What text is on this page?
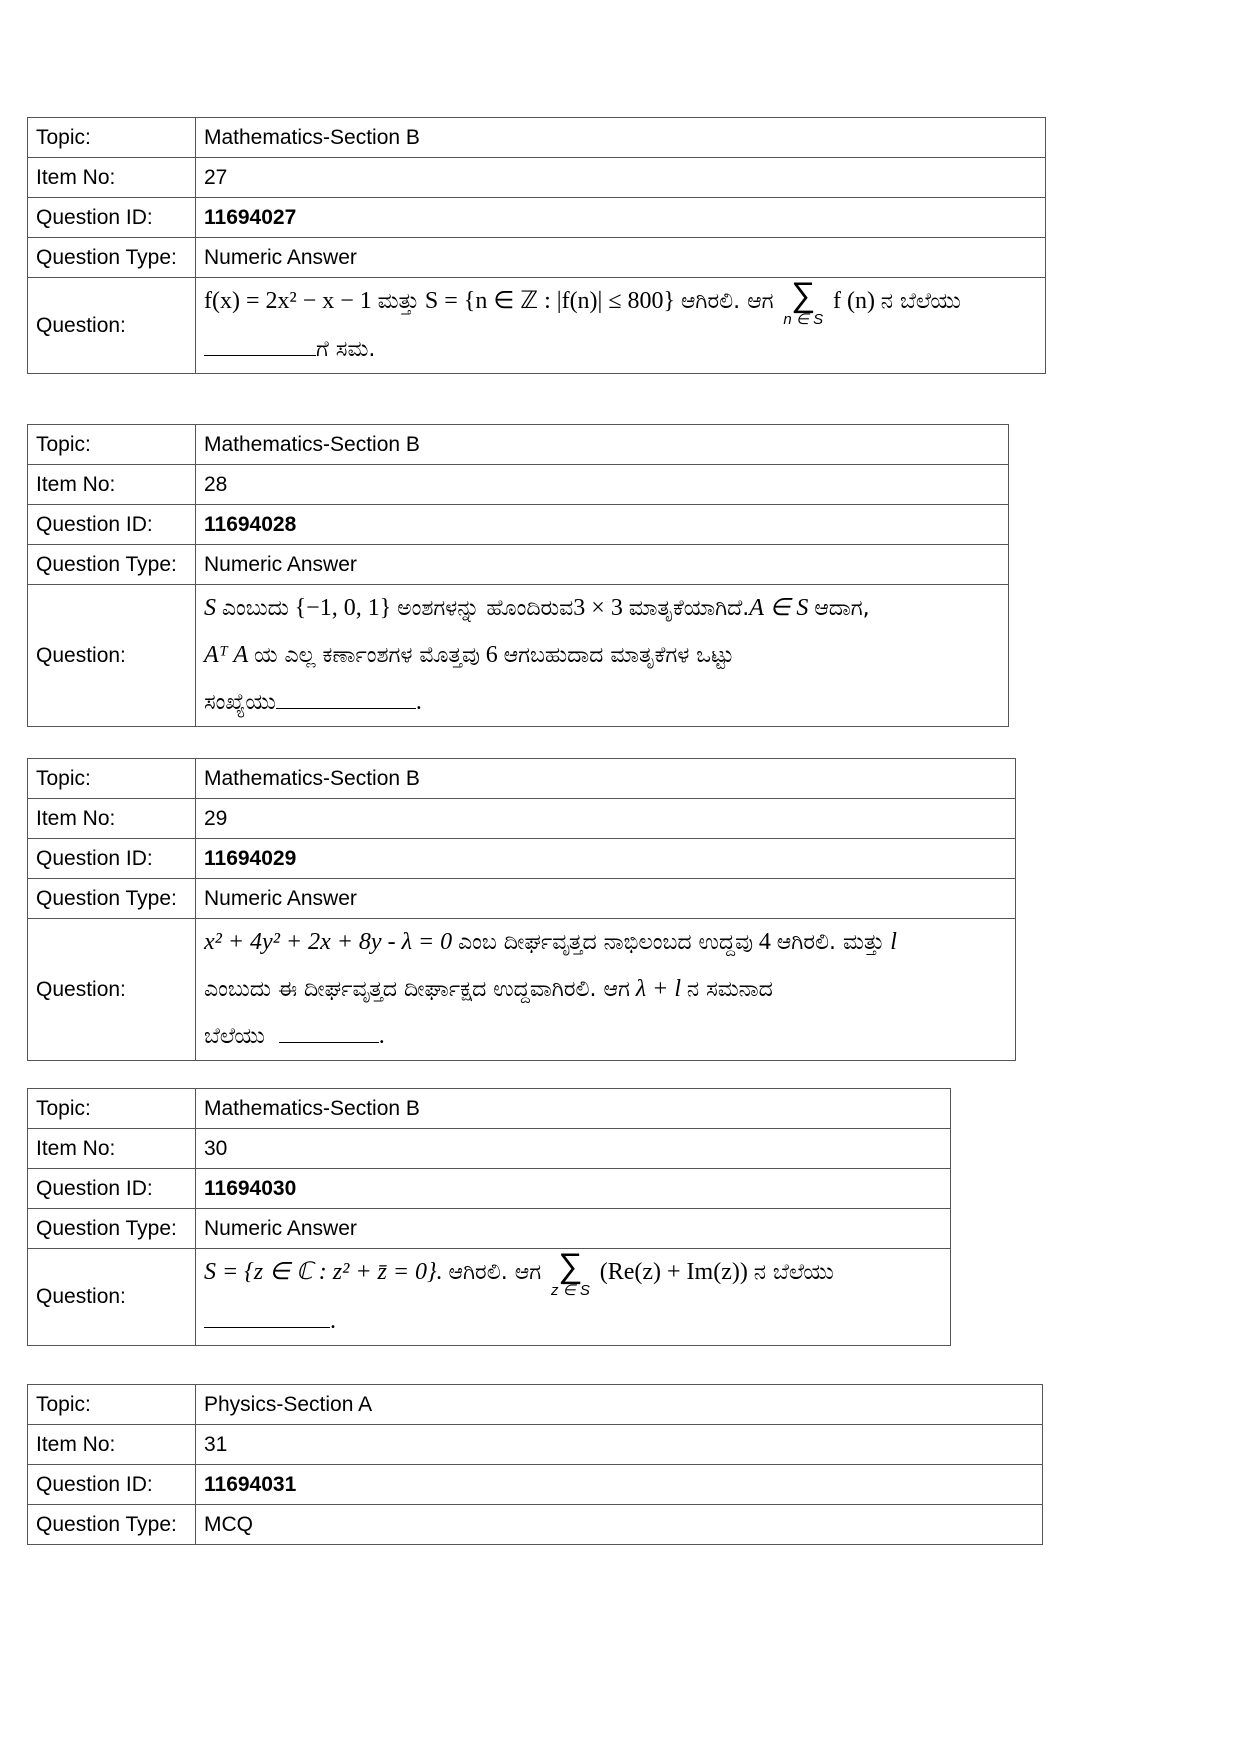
Topic:	Mathematics-Section B
Item No:	27
Question ID:	11694027
Question Type:	Numeric Answer
Question:	f(x) = 2x² − x − 1 ಮತ್ತು S = {n ∈ ℤ : |f(n)| ≤ 800} ಆಗಿರಲಿ. ಆಗ ∑
n ∈ S
f (n) ನ ಬೆಲೆಯು
ಗೆ ಸಮ.
Topic:	Mathematics-Section B
Item No:	28
Question ID:	11694028
Question Type:	Numeric Answer
Question:	S ಎಂಬುದು {−1, 0, 1} ಅಂಶಗಳನ್ನು ಹೊಂದಿರುವ3 × 3 ಮಾತೃಕೆಯಾಗಿದೆ.A ∈ S ಆದಾಗ,
Aᵀ A ಯ ಎಲ್ಲ ಕರ್ಣಾಂಶಗಳ ಮೊತ್ತವು 6 ಆಗಬಹುದಾದ ಮಾತೃಕೆಗಳ ಒಟ್ಟು
ಸಂಖ್ಯೆಯು .
Topic:	Mathematics-Section B
Item No:	29
Question ID:	11694029
Question Type:	Numeric Answer
Question:	x² + 4y² + 2x + 8y - λ = 0 ಎಂಬ ದೀರ್ಘವೃತ್ತದ ನಾಭಿಲಂಬದ ಉದ್ದವು 4 ಆಗಿರಲಿ. ಮತ್ತು l
ಎಂಬುದು ಈ ದೀರ್ಘವೃತ್ತದ ದೀರ್ಘಾಕ್ಷದ ಉದ್ದವಾಗಿರಲಿ. ಆಗ λ + l ನ ಸಮನಾದ
ಬೆಲೆಯು .
Topic:	Mathematics-Section B
Item No:	30
Question ID:	11694030
Question Type:	Numeric Answer
Question:	S = {z ∈ ℂ : z² + z̄ = 0}. ಆಗಿರಲಿ. ಆಗ ∑
z ∈ S
(Re(z) + Im(z)) ನ ಬೆಲೆಯು
.
Topic:	Physics-Section A
Item No:	31
Question ID:	11694031
Question Type:	MCQ
